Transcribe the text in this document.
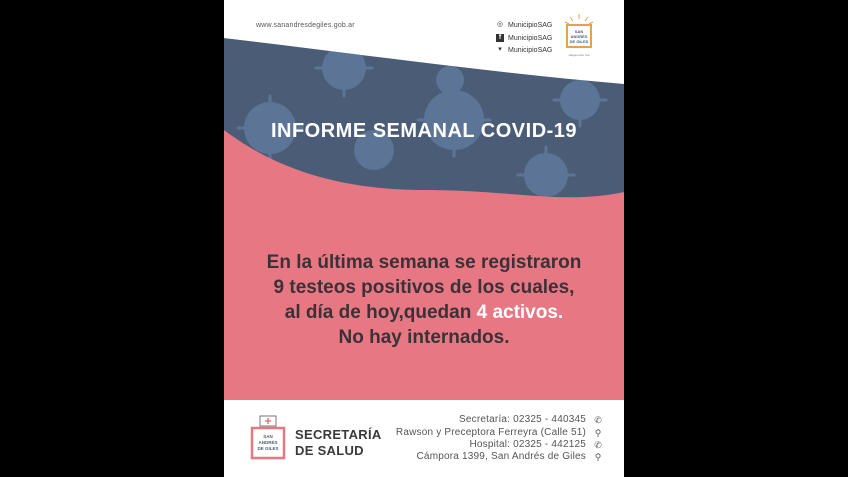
www.sanandresdegiles.gob.ar	◎ MunicipioSAG
f MunicipioSAG
▾ MunicipioSAG
SAN
ANDRÉS
DE GILES
Juega entre vos
INFORME SEMANAL COVID-19
En la última semana se registraron
9 testeos positivos de los cuales,
al día de hoy,quedan 4 activos.
No hay internados.
SAN
ANDRÉS
DE GILES
SECRETARÍA
DE SALUD
Secretaría: 02325 - 440345 ✆
Rawson y Preceptora Ferreyra (Calle 51) ⚲
Hospital: 02325 - 442125 ✆
Cámpora 1399, San Andrés de Giles ⚲
